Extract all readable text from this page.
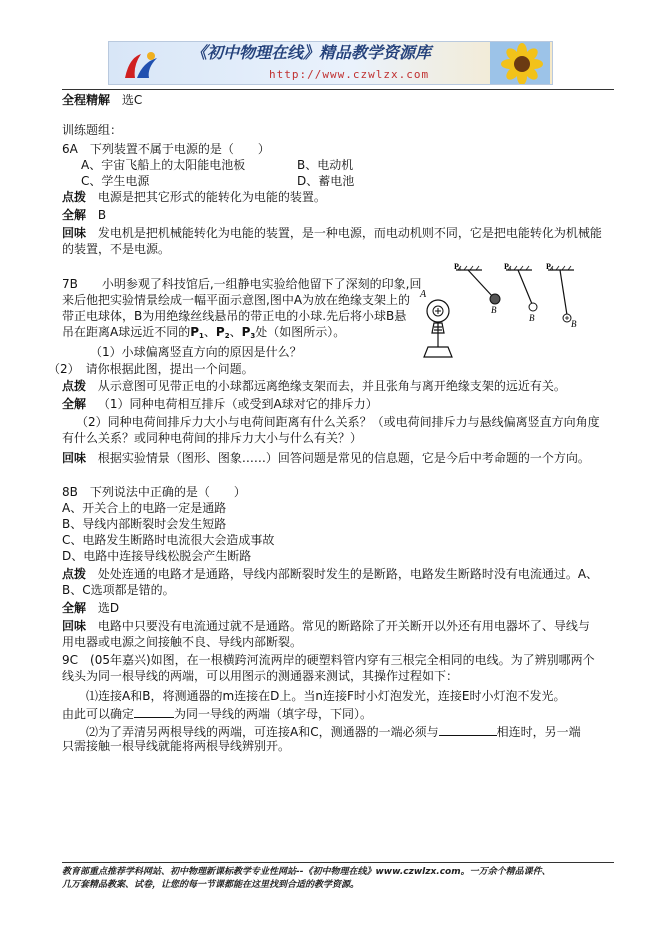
《初中物理在线》精品教学资源库
http://www.czwlzx.com
全程精解 选C
训练题组：
6A　下列装置不属于电源的是（　　）
A、宇宙飞船上的太阳能电池板	B、电动机
C、学生电源	D、蓄电池
点拨 电源是把其它形式的能转化为电能的装置。
全解 B
回味 发电机是把机械能转化为电能的装置，是一种电源，而电动机则不同，它是把电能转化为机械能
的装置，不是电源。
7B　　小明参观了科技馆后,一组静电实验给他留下了深刻的印象,回
来后他把实验情景绘成一幅平面示意图,图中A为放在绝缘支架上的
带正电球体，B为用绝缘丝线悬吊的带正电的小球.先后将小球B悬
吊在距离A球远近不同的$P_1$、$P_2$、$P_3$处（如图所示）。
（1）小球偏离竖直方向的原因是什么？
（2）　请你根据此图，提出一个问题。
点拨 从示意图可见带正电的小球都远离绝缘支架而去，并且张角与离开绝缘支架的远近有关。
全解 （1）同种电荷相互排斥（或受到A球对它的排斥力）
（2）同种电荷间排斥力大小与电荷间距离有什么关系？（或电荷间排斥力与悬线偏离竖直方向角度
有什么关系？或同种电荷间的排斥力大小与什么有关？）
回味 根据实验情景（图形、图象……）回答问题是常见的信息题，它是今后中考命题的一个方向。
A
P₁	P₂	P₃
B
B
B
8B　下列说法中正确的是（　　）
A、开关合上的电路一定是通路
B、导线内部断裂时会发生短路
C、电路发生断路时电流很大会造成事故
D、电路中连接导线松脱会产生断路
点拨 处处连通的电路才是通路，导线内部断裂时发生的是断路，电路发生断路时没有电流通过。A、
B、C选项都是错的。
全解 选D
回味 电路中只要没有电流通过就不是通路。常见的断路除了开关断开以外还有用电器坏了、导线与
用电器或电源之间接触不良、导线内部断裂。
9C　(05年嘉兴)如图，在一根横跨河流两岸的硬塑料管内穿有三根完全相同的电线。为了辨别哪两个
线头为同一根导线的两端，可以用图示的测通器来测试，其操作过程如下：
⑴连接A和B，将测通器的m连接在D上。当n连接F时小灯泡发光，连接E时小灯泡不发光。
由此可以确定	为同一导线的两端（填字母，下同）。
⑵为了弄清另两根导线的两端，可连接A和C，测通器的一端必须与	相连时，另一端
只需接触一根导线就能将两根导线辨别开。
教育部重点推荐学科网站、初中物理新课标教学专业性网站--《初中物理在线》www.czwlzx.com。一万余个精品课件、
几万套精品教案、试卷，让您的每一节课都能在这里找到合适的教学资源。
